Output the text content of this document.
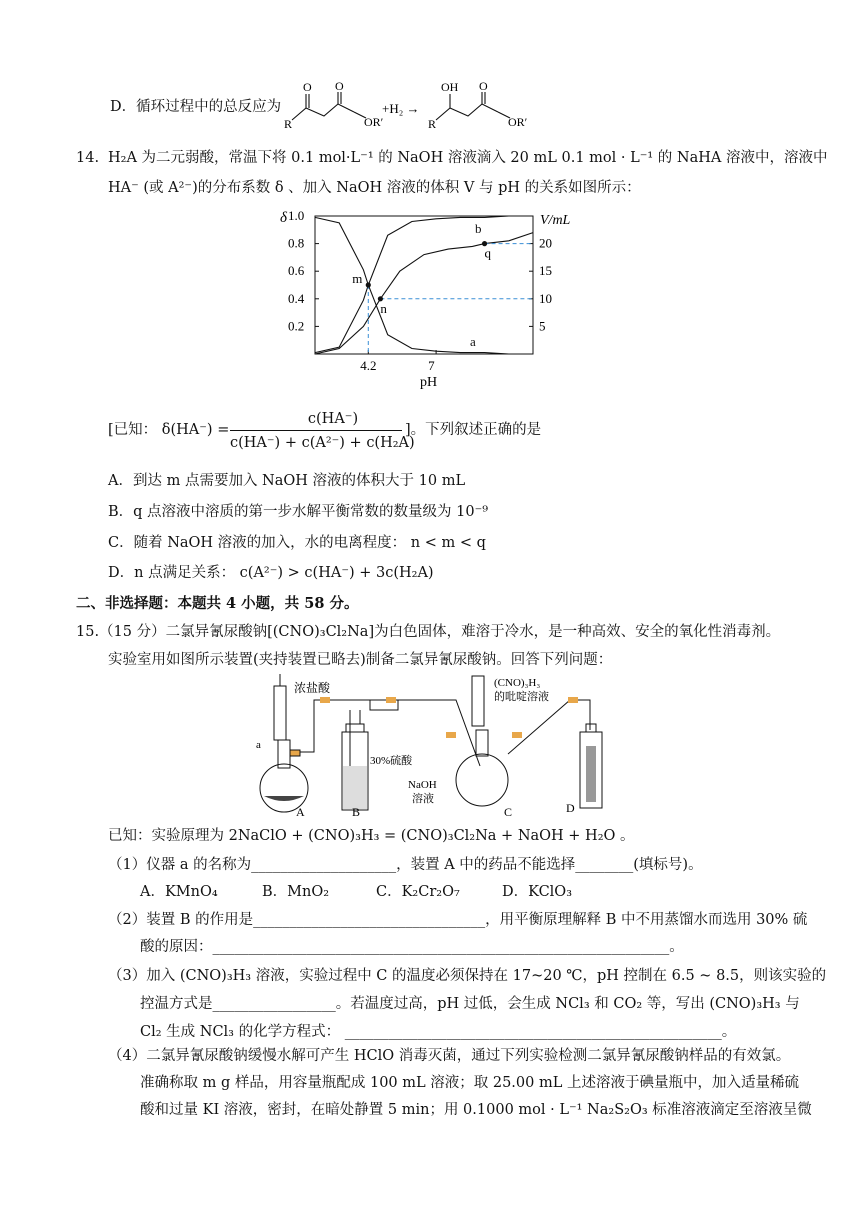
D．循环过程中的总反应为
O O
R	OR′
+H₂ →
OH O
R	OR′
14. H₂A 为二元弱酸，常温下将 0.1 mol·L⁻¹ 的 NaOH 溶液滴入 20 mL 0.1 mol · L⁻¹ 的 NaHA 溶液中，溶液中
HA⁻ (或 A²⁻)的分布系数 δ 、加入 NaOH 溶液的体积 V 与 pH 的关系如图所示：
δ	V/mL
pH
1.0
0.8
0.6
0.4
0.2
20
15
10
5
4.2	7
a
b
m
n
q
[已知： δ(HA⁻) =
c(HA⁻)
c(HA⁻) + c(A²⁻) + c(H₂A)
]。下列叙述正确的是
A．到达 m 点需要加入 NaOH 溶液的体积大于 10 mL
B．q 点溶液中溶质的第一步水解平衡常数的数量级为 10⁻⁹
C．随着 NaOH 溶液的加入，水的电离程度： n < m < q
D．n 点满足关系： c(A²⁻) > c(HA⁻) + 3c(H₂A)
二、非选择题：本题共 4 小题，共 58 分。
15.（15 分）二氯异氰尿酸钠[(CNO)₃Cl₂Na]为白色固体，难溶于冷水，是一种高效、安全的氧化性消毒剂。
实验室用如图所示装置(夹持装置已略去)制备二氯异氰尿酸钠。回答下列问题：
浓盐酸
a
(CNO)₃H₃
的吡啶溶液
30%硫酸
NaOH
溶液
A	B	C	D
已知：实验原理为 2NaClO + (CNO)₃H₃ = (CNO)₃Cl₂Na + NaOH + H₂O 。
（1）仪器 a 的名称为____________________，装置 A 中的药品不能选择________(填标号)。
A．KMnO₄	B．MnO₂	C．K₂Cr₂O₇	D．KClO₃
（2）装置 B 的作用是________________________________，用平衡原理解释 B 中不用蒸馏水而选用 30% 硫
酸的原因：_______________________________________________________________。
（3）加入 (CNO)₃H₃ 溶液，实验过程中 C 的温度必须保持在 17~20 ℃，pH 控制在 6.5 ~ 8.5，则该实验的
控温方式是_________________。若温度过高，pH 过低，会生成 NCl₃ 和 CO₂ 等，写出 (CNO)₃H₃ 与
Cl₂ 生成 NCl₃ 的化学方程式： ____________________________________________________。
（4）二氯异氰尿酸钠缓慢水解可产生 HClO 消毒灭菌，通过下列实验检测二氯异氰尿酸钠样品的有效氯。
准确称取 m g 样品，用容量瓶配成 100 mL 溶液；取 25.00 mL 上述溶液于碘量瓶中，加入适量稀硫
酸和过量 KI 溶液，密封，在暗处静置 5 min；用 0.1000 mol · L⁻¹ Na₂S₂O₃ 标准溶液滴定至溶液呈微
